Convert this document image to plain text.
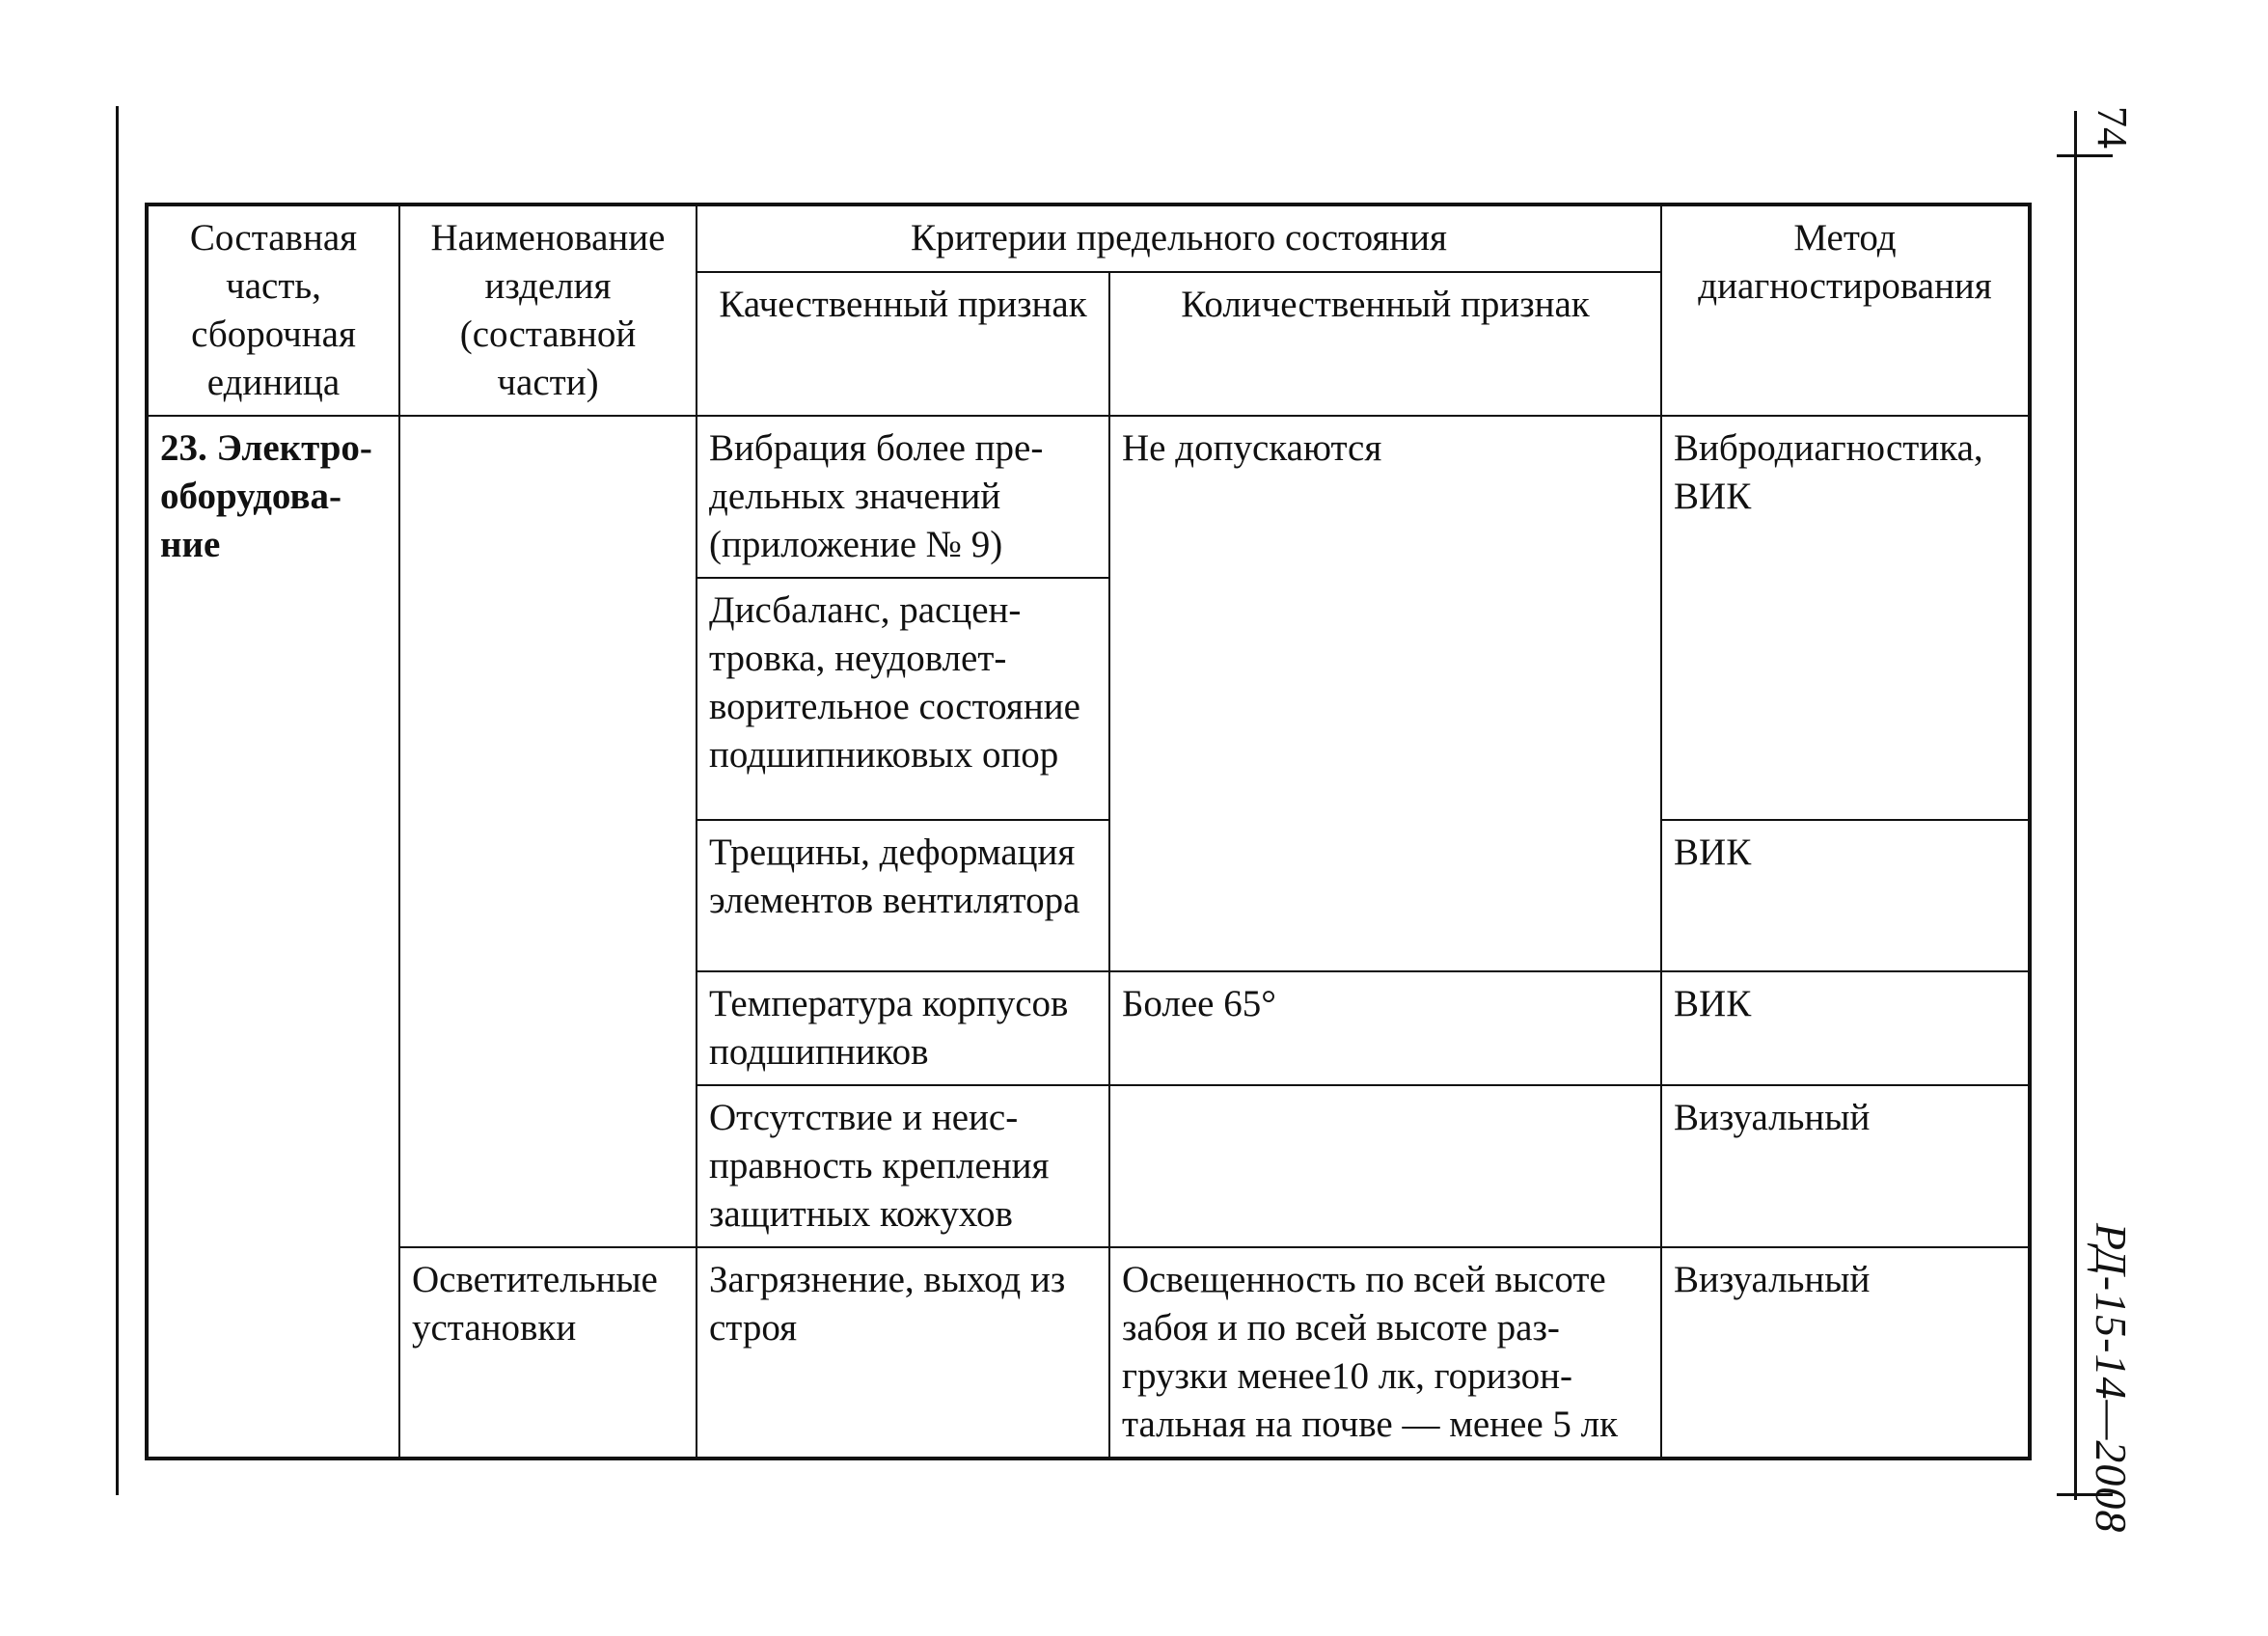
74
РД-15-14—2008
Составная часть, сборочная единица	Наименование изделия (составной части)	Критерии предельного состояния		Метод диагностирования
		Качественный признак	Количественный признак	
23. Электрооборудование		Вибрация более предельных значений (приложение № 9)	Не допускаются	Вибродиагностика, ВИК
		Дисбаланс, расцентровка, неудовлетворительное состояние подшипниковых опор		
		Трещины, деформация элементов вентилятора		ВИК
		Температура корпусов подшипников	Более 65°	ВИК
		Отсутствие и неисправность крепления защитных кожухов		Визуальный

	Осветительные установки	Загрязнение, выход из строя	Освещенность по всей высоте забоя и по всей высоте разгрузки менее10 лк, горизонтальная на почве — менее 5 лк	Визуальный
